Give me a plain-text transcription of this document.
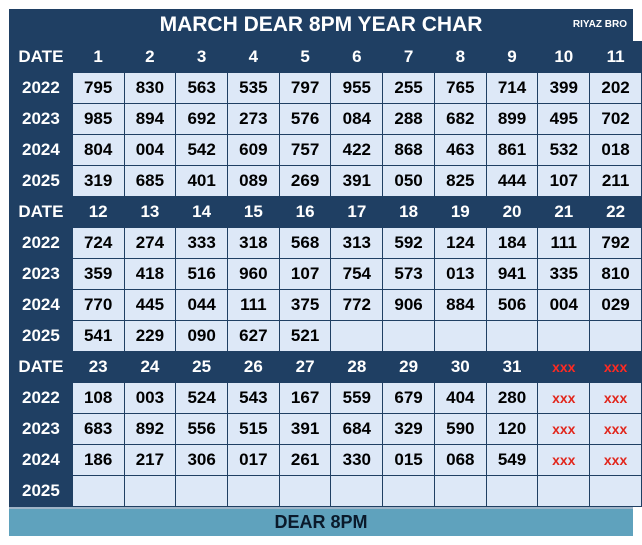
MARCH DEAR 8PM YEAR CHAR	RIYAZ BRO
DATE	1	2	3	4	5	6	7	8	9	10	11
2022	795	830	563	535	797	955	255	765	714	399	202
2023	985	894	692	273	576	084	288	682	899	495	702
2024	804	004	542	609	757	422	868	463	861	532	018
2025	319	685	401	089	269	391	050	825	444	107	211
DATE	12	13	14	15	16	17	18	19	20	21	22
2022	724	274	333	318	568	313	592	124	184	111	792
2023	359	418	516	960	107	754	573	013	941	335	810
2024	770	445	044	111	375	772	906	884	506	004	029
2025	541	229	090	627	521						
DATE	23	24	25	26	27	28	29	30	31	xxx	xxx
2022	108	003	524	543	167	559	679	404	280	xxx	xxx
2023	683	892	556	515	391	684	329	590	120	xxx	xxx
2024	186	217	306	017	261	330	015	068	549	xxx	xxx
2025											
DEAR 8PM
